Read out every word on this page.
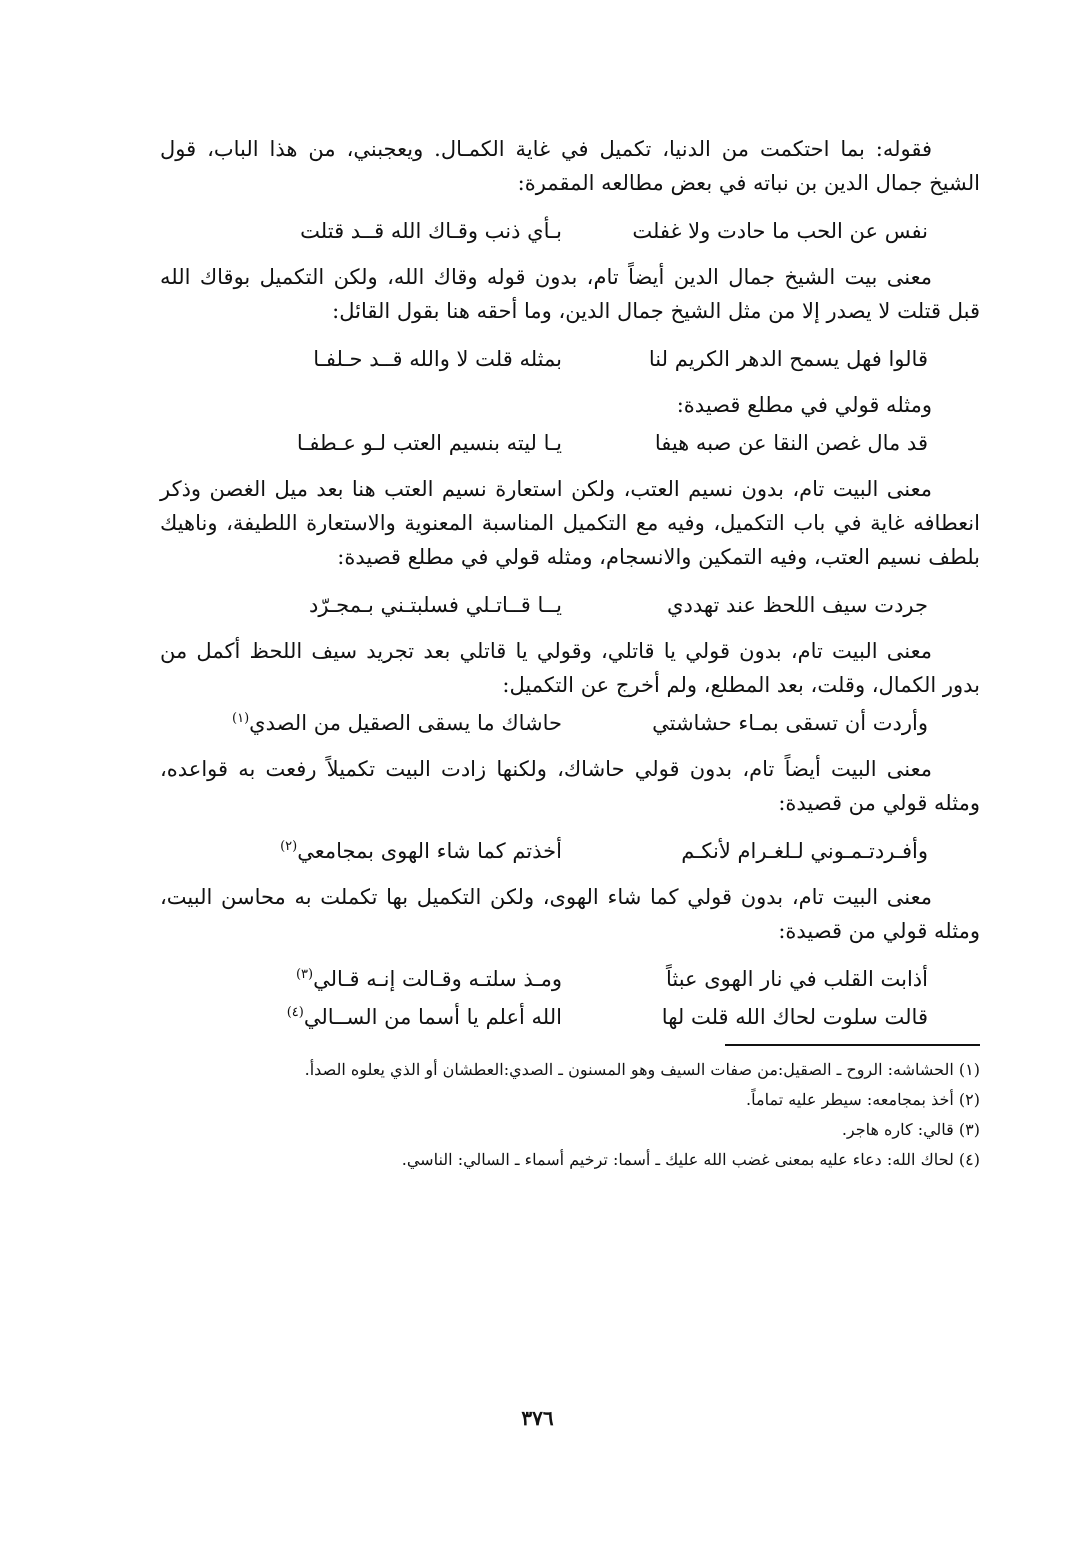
فقوله: بما احتكمت من الدنيا، تكميل في غاية الكمـال. ويعجبني، من هذا الباب، قول الشيخ جمال الدين بن نباته في بعض مطالعه المقمرة:

نفس عن الحب ما حادت ولا غفلت
بـأي ذنب وقـاك الله قــد قتلت

معنى بيت الشيخ جمال الدين أيضاً تام، بدون قوله وقاك الله، ولكن التكميل بوقاك الله قبل قتلت لا يصدر إلا من مثل الشيخ جمال الدين، وما أحقه هنا بقول القائل:

قالوا فهل يسمح الدهر الكريم لنا
بمثله قلت لا والله قــد حـلفـا

ومثله قولي في مطلع قصيدة:

قد مال غصن النقا عن صبه هيفا
يـا ليته بنسيم العتب لـو عـطفـا

معنى البيت تام، بدون نسيم العتب، ولكن استعارة نسيم العتب هنا بعد ميل الغصن وذكر انعطافه غاية في باب التكميل، وفيه مع التكميل المناسبة المعنوية والاستعارة اللطيفة، وناهيك بلطف نسيم العتب، وفيه التمكين والانسجام، ومثله قولي في مطلع قصيدة:

جردت سيف اللحظ عند تهددي
يــا قــاتـلي فسلبتـني بـمجـرّد

معنى البيت تام، بدون قولي يا قاتلي، وقولي يا قاتلي بعد تجريد سيف اللحظ أكمل من بدور الكمال، وقلت، بعد المطلع، ولم أخرج عن التكميل:

وأردت أن تسقى بمـاء حشاشتي
حاشاك ما يسقى الصقيل من الصدي$^{(١)}$

معنى البيت أيضاً تام، بدون قولي حاشاك، ولكنها زادت البيت تكميلاً رفعت به قواعده، ومثله قولي من قصيدة:

وأفـردتـمـوني لـلغـرام لأنكـم
أخذتم كما شاء الهوى بمجامعي$^{(٢)}$

معنى البيت تام، بدون قولي كما شاء الهوى، ولكن التكميل بها تكملت به محاسن البيت، ومثله قولي من قصيدة:

أذابت القلب في نار الهوى عبثاً
ومـذ سلتـه وقـالت إنـه قـالي$^{(٣)}$
قالت سلوت لحاك الله قلت لها
الله أعلم يا أسما من الســالي$^{(٤)}$
(١) الحشاشه: الروح ـ الصقيل:من صفات السيف وهو المسنون ـ الصدي:العطشان أو الذي يعلوه الصدأ.
(٢) أخذ بمجامعه: سيطر عليه تماماً.
(٣) قالي: كاره هاجر.
(٤) لحاك الله: دعاء عليه بمعنى غضب الله عليك ـ أسما: ترخيم أسماء ـ السالي: الناسي.
٣٧٦
